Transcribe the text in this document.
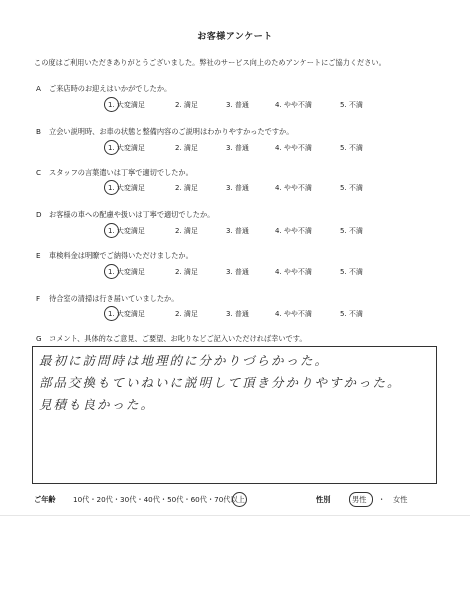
お客様アンケート
この度はご利用いただきありがとうございました。弊社のサービス向上のためアンケートにご協力ください。
A ご来店時のお迎えはいかがでしたか。
1. 大変満足	2. 満足	3. 普通	4. やや不満	5. 不満
B 立会い説明時、お車の状態と整備内容のご説明はわかりやすかったですか。
1. 大変満足	2. 満足	3. 普通	4. やや不満	5. 不満
C スタッフの言葉遣いは丁寧で適切でしたか。
1. 大変満足	2. 満足	3. 普通	4. やや不満	5. 不満
D お客様の車への配慮や扱いは丁寧で適切でしたか。
1. 大変満足	2. 満足	3. 普通	4. やや不満	5. 不満
E 車検料金は明瞭でご納得いただけましたか。
1. 大変満足	2. 満足	3. 普通	4. やや不満	5. 不満
F 待合室の清掃は行き届いていましたか。
1. 大変満足	2. 満足	3. 普通	4. やや不満	5. 不満
G コメント、具体的なご意見、ご要望、お叱りなどご記入いただければ幸いです。
最初に訪問時は地理的に分かりづらかった。
部品交換もていねいに説明して頂き分かりやすかった。
見積も良かった。
ご年齢 10代・20代・30代・40代・50代・60代・70代以上	性別	男性 ・ 女性
